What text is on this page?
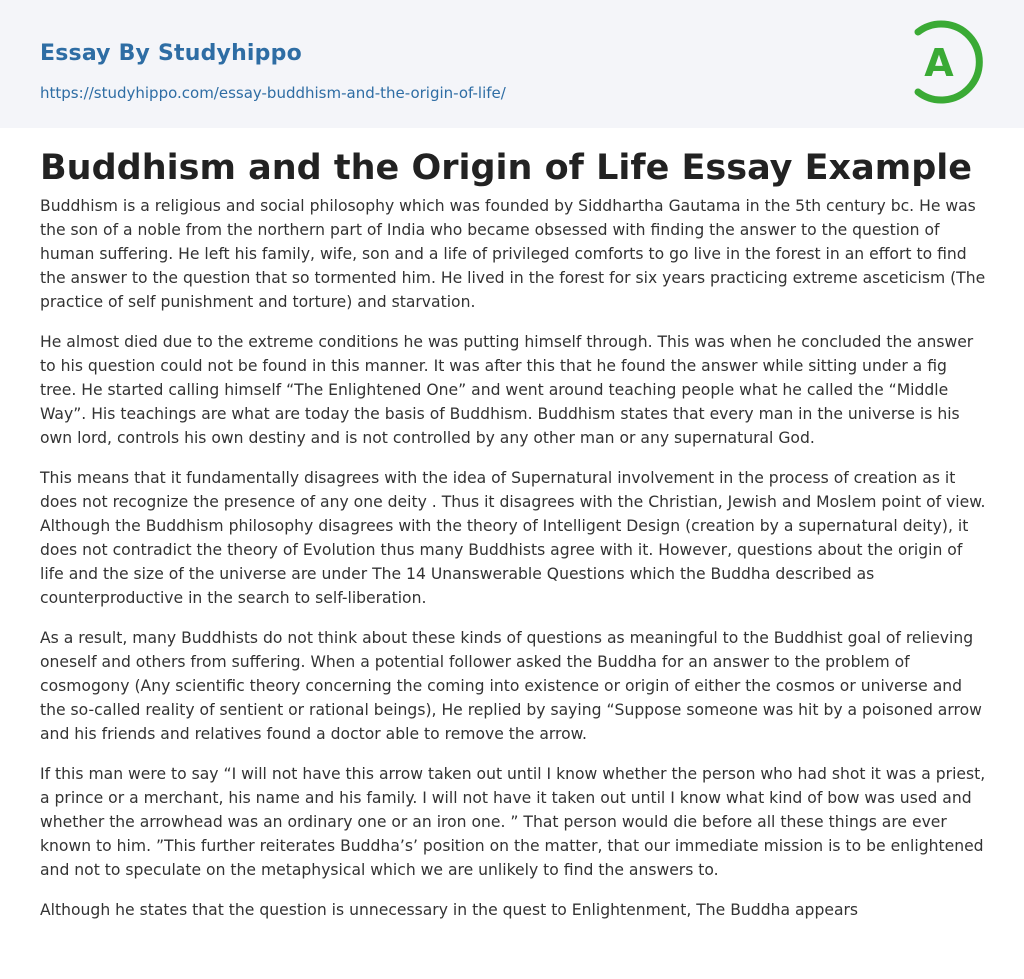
Essay By Studyhippo
https://studyhippo.com/essay-buddhism-and-the-origin-of-life/
A
Buddhism and the Origin of Life Essay Example

Buddhism is a religious and social philosophy which was founded by Siddhartha Gautama in the 5th century bc. He was the son of a noble from the northern part of India who became obsessed with finding the answer to the question of human suffering. He left his family, wife, son and a life of privileged comforts to go live in the forest in an effort to find the answer to the question that so tormented him. He lived in the forest for six years practicing extreme asceticism (The practice of self punishment and torture) and starvation.

He almost died due to the extreme conditions he was putting himself through. This was when he concluded the answer to his question could not be found in this manner. It was after this that he found the answer while sitting under a fig tree. He started calling himself “The Enlightened One” and went around teaching people what he called the “Middle Way”. His teachings are what are today the basis of Buddhism. Buddhism states that every man in the universe is his own lord, controls his own destiny and is not controlled by any other man or any supernatural God.

This means that it fundamentally disagrees with the idea of Supernatural involvement in the process of creation as it does not recognize the presence of any one deity . Thus it disagrees with the Christian, Jewish and Moslem point of view. Although the Buddhism philosophy disagrees with the theory of Intelligent Design (creation by a supernatural deity), it does not contradict the theory of Evolution thus many Buddhists agree with it. However, questions about the origin of life and the size of the universe are under The 14 Unanswerable Questions which the Buddha described as counterproductive in the search to self-liberation.

As a result, many Buddhists do not think about these kinds of questions as meaningful to the Buddhist goal of relieving oneself and others from suffering. When a potential follower asked the Buddha for an answer to the problem of cosmogony (Any scientific theory concerning the coming into existence or origin of either the cosmos or universe and the so-called reality of sentient or rational beings), He replied by saying “Suppose someone was hit by a poisoned arrow and his friends and relatives found a doctor able to remove the arrow.

If this man were to say “I will not have this arrow taken out until I know whether the person who had shot it was a priest, a prince or a merchant, his name and his family. I will not have it taken out until I know what kind of bow was used and whether the arrowhead was an ordinary one or an iron one. ” That person would die before all these things are ever known to him. ”This further reiterates Buddha’s’ position on the matter, that our immediate mission is to be enlightened and not to speculate on the metaphysical which we are unlikely to find the answers to.

Although he states that the question is unnecessary in the quest to Enlightenment, The Buddha appears
